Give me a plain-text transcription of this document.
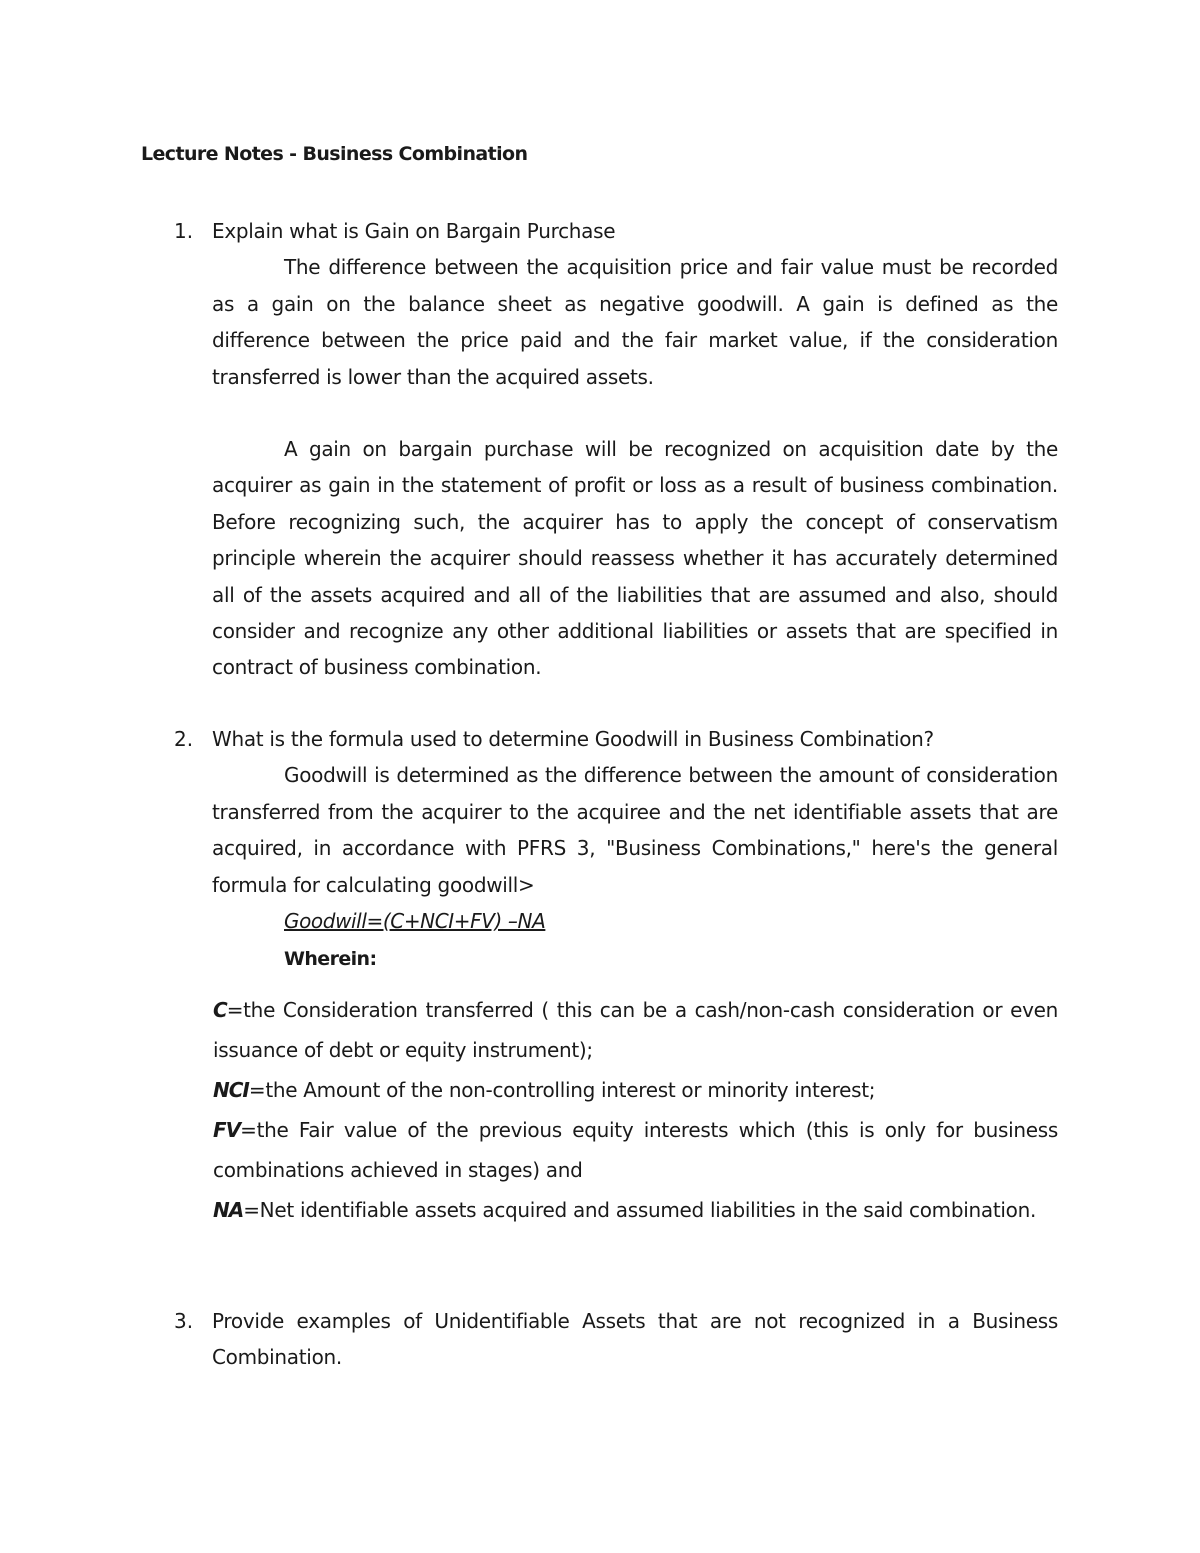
Lecture Notes - Business Combination
1. Explain what is Gain on Bargain Purchase

The difference between the acquisition price and fair value must be recorded as a gain on the balance sheet as negative goodwill. A gain is defined as the difference between the price paid and the fair market value, if the consideration transferred is lower than the acquired assets.

A gain on bargain purchase will be recognized on acquisition date by the acquirer as gain in the statement of profit or loss as a result of business combination. Before recognizing such, the acquirer has to apply the concept of conservatism principle wherein the acquirer should reassess whether it has accurately determined all of the assets acquired and all of the liabilities that are assumed and also, should consider and recognize any other additional liabilities or assets that are specified in contract of business combination.

2. What is the formula used to determine Goodwill in Business Combination?

Goodwill is determined as the difference between the amount of consideration transferred from the acquirer to the acquiree and the net identifiable assets that are acquired, in accordance with PFRS 3, "Business Combinations," here's the general formula for calculating goodwill>

Goodwill=(C+NCI+FV) –NA
Wherein:

C=the Consideration transferred ( this can be a cash/non-cash consideration or even issuance of debt or equity instrument);

NCI=the Amount of the non-controlling interest or minority interest;

FV=the Fair value of the previous equity interests which (this is only for business combinations achieved in stages) and

NA=Net identifiable assets acquired and assumed liabilities in the said combination.

3. Provide examples of Unidentifiable Assets that are not recognized in a Business Combination.
